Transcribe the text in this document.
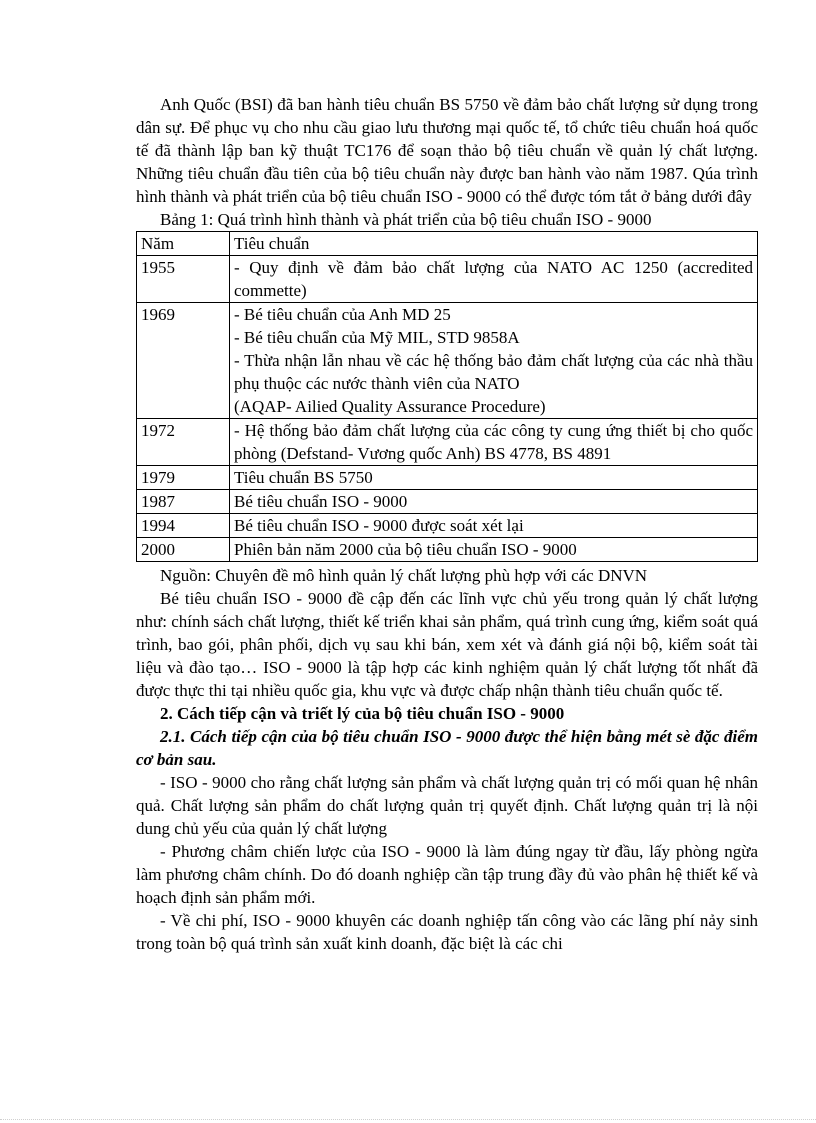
Anh Quốc (BSI) đã ban hành tiêu chuẩn BS 5750 về đảm bảo chất lượng sử dụng trong dân sự. Để phục vụ cho nhu cầu giao lưu thương mại quốc tế, tổ chức tiêu chuẩn hoá quốc tế đã thành lập ban kỹ thuật TC176 để soạn thảo bộ tiêu chuẩn về quản lý chất lượng. Những tiêu chuẩn đầu tiên của bộ tiêu chuẩn này được ban hành vào năm 1987. Qúa trình hình thành và phát triển của bộ tiêu chuẩn ISO - 9000 có thể được tóm tắt ở bảng dưới đây

Bảng 1: Quá trình hình thành và phát triển của bộ tiêu chuẩn ISO - 9000

Năm	Tiêu chuẩn
1955	- Quy định về đảm bảo chất lượng của NATO AC 1250 (accredited commette)

1969	- Bé tiêu chuẩn của Anh MD 25
- Bé tiêu chuẩn của Mỹ MIL, STD 9858A
- Thừa nhận lẫn nhau về các hệ thống bảo đảm chất lượng của các nhà thầu phụ thuộc các nước thành viên của NATO
(AQAP- Ailied Quality Assurance Procedure)

1972	- Hệ thống bảo đảm chất lượng của các công ty cung ứng thiết bị cho quốc phòng (Defstand- Vương quốc Anh) BS 4778, BS 4891

1979	Tiêu chuẩn BS 5750

1987	Bé tiêu chuẩn ISO - 9000

1994	Bé tiêu chuẩn ISO - 9000 được soát xét lại

2000	Phiên bản năm 2000 của bộ tiêu chuẩn ISO - 9000

Nguồn: Chuyên đề mô hình quản lý chất lượng phù hợp với các DNVN

Bé tiêu chuẩn ISO - 9000 đề cập đến các lĩnh vực chủ yếu trong quản lý chất lượng như: chính sách chất lượng, thiết kế triển khai sản phẩm, quá trình cung ứng, kiểm soát quá trình, bao gói, phân phối, dịch vụ sau khi bán, xem xét và đánh giá nội bộ, kiểm soát tài liệu và đào tạo… ISO - 9000 là tập hợp các kinh nghiệm quản lý chất lượng tốt nhất đã được thực thi tại nhiều quốc gia, khu vực và được chấp nhận thành tiêu chuẩn quốc tế.

2. Cách tiếp cận và triết lý của bộ tiêu chuẩn ISO - 9000

2.1. Cách tiếp cận của bộ tiêu chuẩn ISO - 9000 được thể hiện bằng mét sè đặc điểm cơ bản sau.

- ISO - 9000 cho rằng chất lượng sản phẩm và chất lượng quản trị có mối quan hệ nhân quả. Chất lượng sản phẩm do chất lượng quản trị quyết định. Chất lượng quản trị là nội dung chủ yếu của quản lý chất lượng

- Phương châm chiến lược của ISO - 9000 là làm đúng ngay từ đầu, lấy phòng ngừa làm phương châm chính. Do đó doanh nghiệp cần tập trung đầy đủ vào phân hệ thiết kế và hoạch định sản phẩm mới.

- Về chi phí, ISO - 9000 khuyên các doanh nghiệp tấn công vào các lãng phí nảy sinh trong toàn bộ quá trình sản xuất kinh doanh, đặc biệt là các chi
